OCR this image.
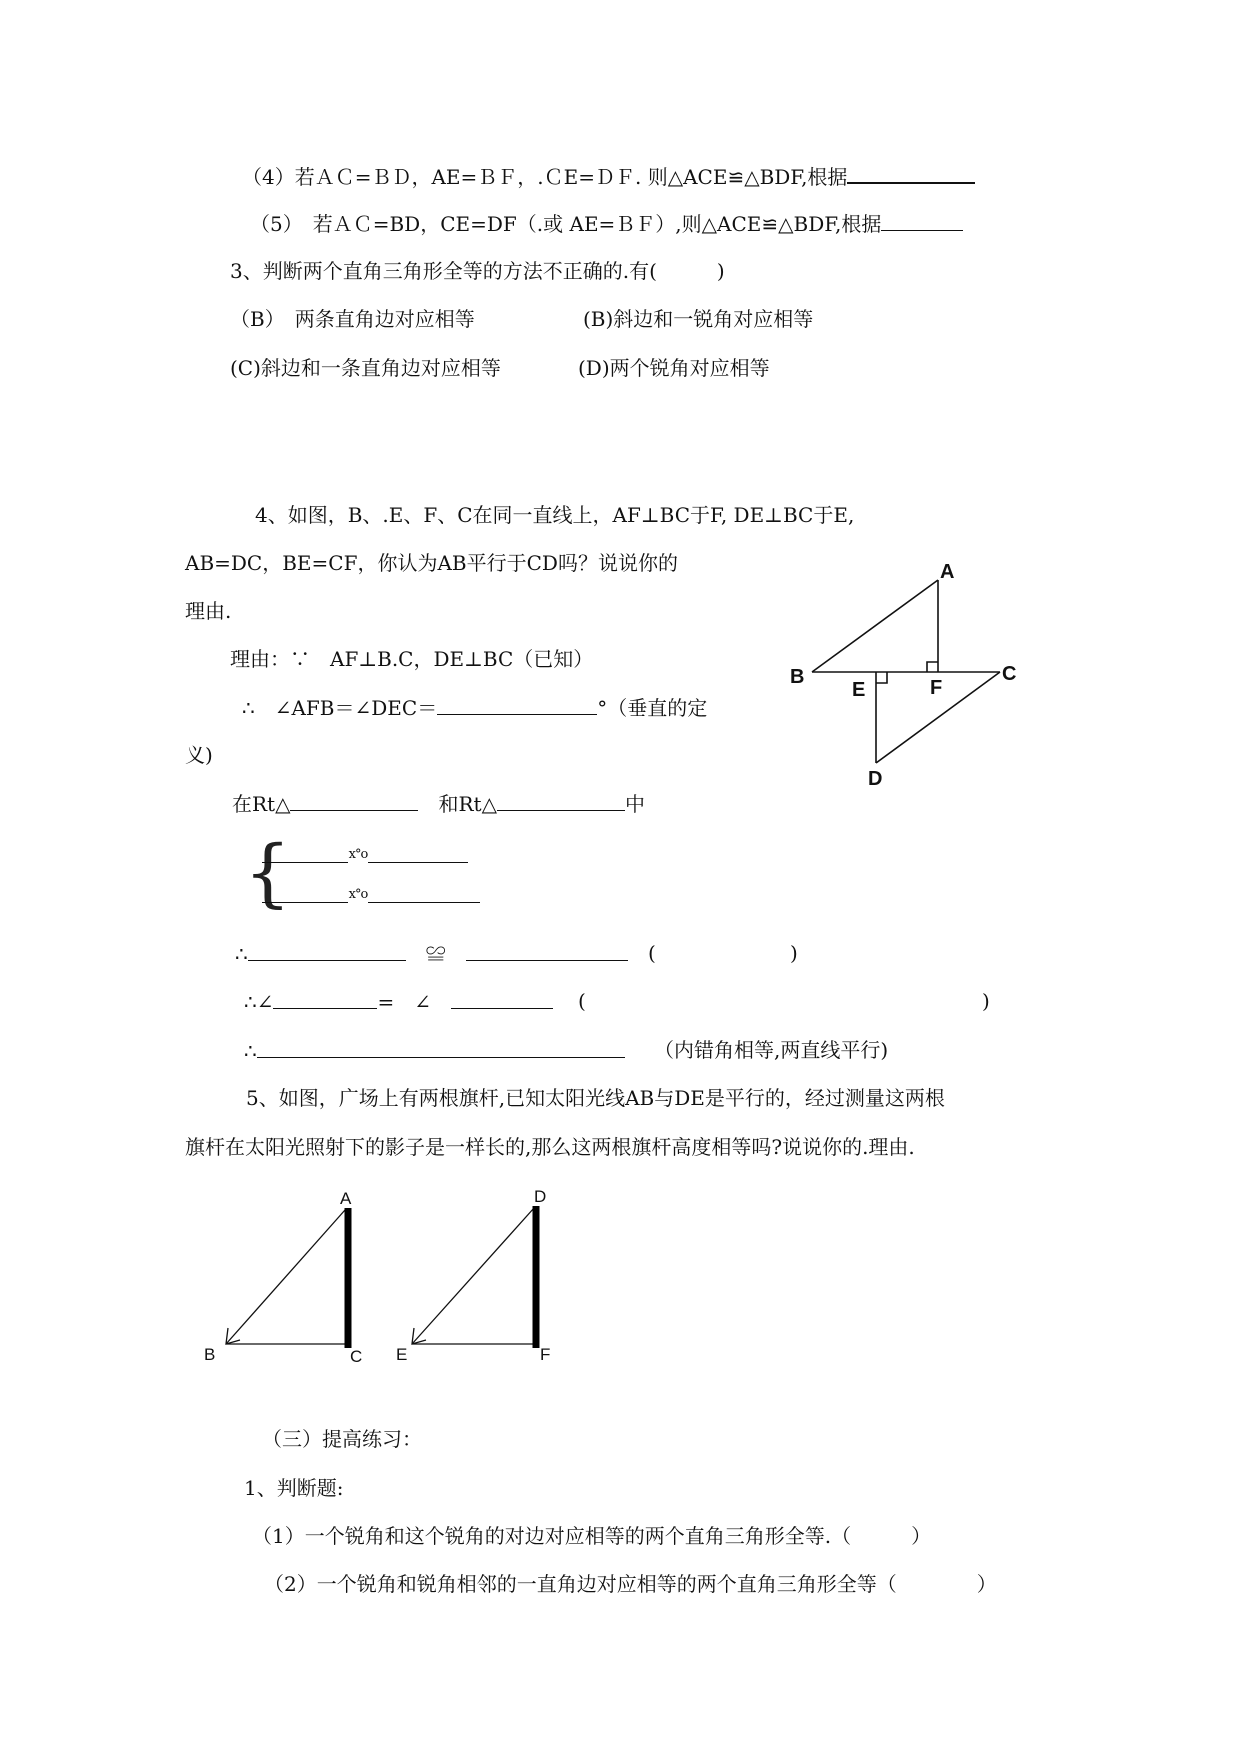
（4）若ＡＣ=ＢＤ，AE=ＢＦ，.ＣE=ＤＦ. 则△ACE≌△BDF,根据
（5）　若ＡＣ=BD，CE=DF（.或 AE=ＢＦ）,则△ACE≌△BDF,根据
3、判断两个直角三角形全等的方法不正确的.有(　　　)
（B）　两条直角边对应相等	(B)斜边和一锐角对应相等
(C)斜边和一条直角边对应相等	(D)两个锐角对应相等
4、如图，B、.E、F、C在同一直线上，AF⊥BC于F, DE⊥BC于E,
AB=DC，BE=CF，你认为AB平行于CD吗？说说你的
理由.
理由：∵　AF⊥B.C，DE⊥BC（已知）
∴　∠AFB＝∠DEC＝	°（垂直的定
义)
在Rt△　	和Rt△	中
{	x°o
x°o
∴　	≌　	(	)
∴∠	=　∠　	(	)
∴	（内错角相等,两直线平行)
A
B	C
D
E	F
5、如图，广场上有两根旗杆,已知太阳光线AB与DE是平行的，经过测量这两根
旗杆在太阳光照射下的影子是一样长的,那么这两根旗杆高度相等吗?说说你的.理由.
A
B	C
D
E	F
（三）提高练习：
1、判断题:
（1）一个锐角和这个锐角的对边对应相等的两个直角三角形全等.（　　　）
（2）一个锐角和锐角相邻的一直角边对应相等的两个直角三角形全等（　　　　）
